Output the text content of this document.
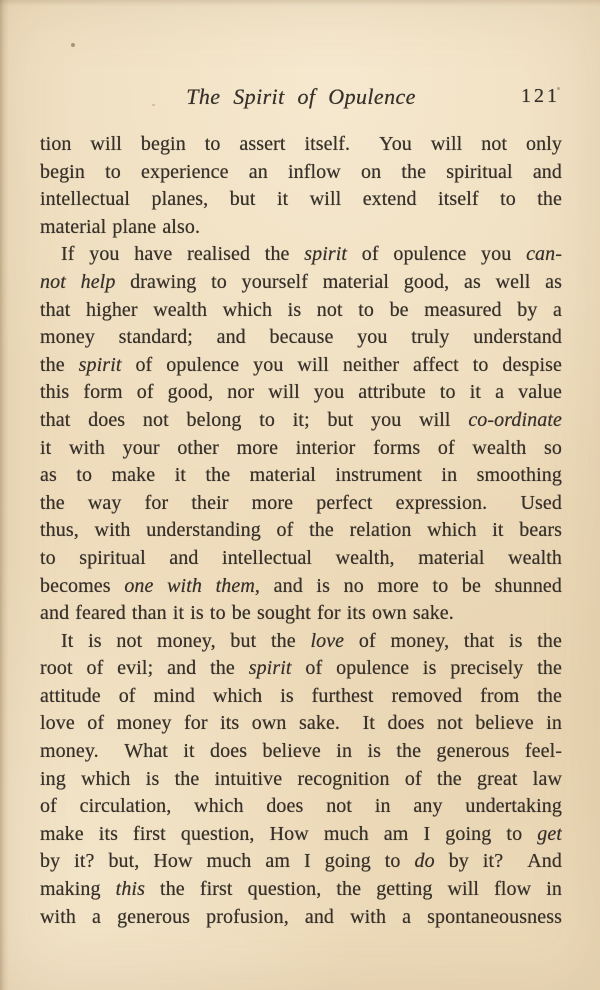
The Spirit of Opulence	121
tion will begin to assert itself.  You will not only
begin to experience an inflow on the spiritual and
intellectual planes, but it will extend itself to the
material plane also.
If you have realised the spirit of opulence you can-
not help drawing to yourself material good, as well as
that higher wealth which is not to be measured by a
money standard; and because you truly understand
the spirit of opulence you will neither affect to despise
this form of good, nor will you attribute to it a value
that does not belong to it; but you will co-ordinate
it with your other more interior forms of wealth so
as to make it the material instrument in smoothing
the way for their more perfect expression.  Used
thus, with understanding of the relation which it bears
to spiritual and intellectual wealth, material wealth
becomes one with them, and is no more to be shunned
and feared than it is to be sought for its own sake.
It is not money, but the love of money, that is the
root of evil; and the spirit of opulence is precisely the
attitude of mind which is furthest removed from the
love of money for its own sake.  It does not believe in
money.  What it does believe in is the generous feel-
ing which is the intuitive recognition of the great law
of circulation, which does not in any undertaking
make its first question, How much am I going to get
by it? but, How much am I going to do by it?  And
making this the first question, the getting will flow in
with a generous profusion, and with a spontaneousness
